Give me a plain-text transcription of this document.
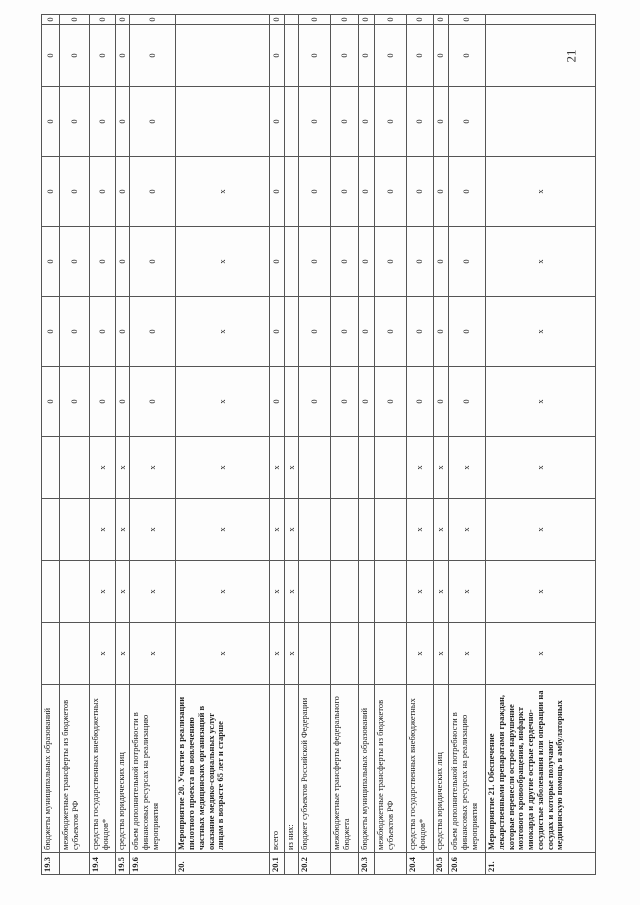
19.3	бюджеты муниципальных образований					0	0	0	0	0	0	0	
	межбюджетные трансферты из бюджетов субъектов РФ					0	0	0	0	0	0	0	
19.4	средства государственных внебюджетных фондов*	х	х	х	х	0	0	0	0	0	0	0	
19.5	средства юридических лиц	х	х	х	х	0	0	0	0	0	0	0	
19.6	объем дополнительной потребности в финансовых ресурсах на реализацию мероприятия	х	х	х	х	0	0	0	0	0	0	0	
20.	Мероприятие 20. Участие в реализации пилотного проекта по вовлечению частных медицинских организаций в оказание медико-социальных услуг лицам в возрасте 65 лет и старше	х	х	х	х	х	х	х	х				
20.1	всего	х	х	х	х	0	0	0	0	0	0	0	
	из них:	х	х	х	х								
20.2	бюджет субъектов Российской Федерации					0	0	0	0	0	0	0	
	межбюджетные трансферты федерального бюджета					0	0	0	0	0	0	0	
20.3	бюджеты муниципальных образований					0	0	0	0	0	0	0	
	межбюджетные трансферты из бюджетов субъектов РФ					0	0	0	0	0	0	0	
20.4	средства государственных внебюджетных фондов*	х	х	х	х	0	0	0	0	0	0	0	
20.5	средства юридических лиц	х	х	х	х	0	0	0	0	0	0	0	
20.6	объем дополнительной потребности в финансовых ресурсах на реализацию мероприятия	х	х	х	х	0	0	0	0	0	0	0	
21.	Мероприятие 21. Обеспечение лекарственными препаратами граждан, которые перенесли острое нарушение мозгового кровообращения, инфаркт миокарда и другие острые сердечно-сосудистые заболевания или операции на сосудах и которые получают медицинскую помощь в амбулаторных	х	х	х	х	х	х	х	х				
21
